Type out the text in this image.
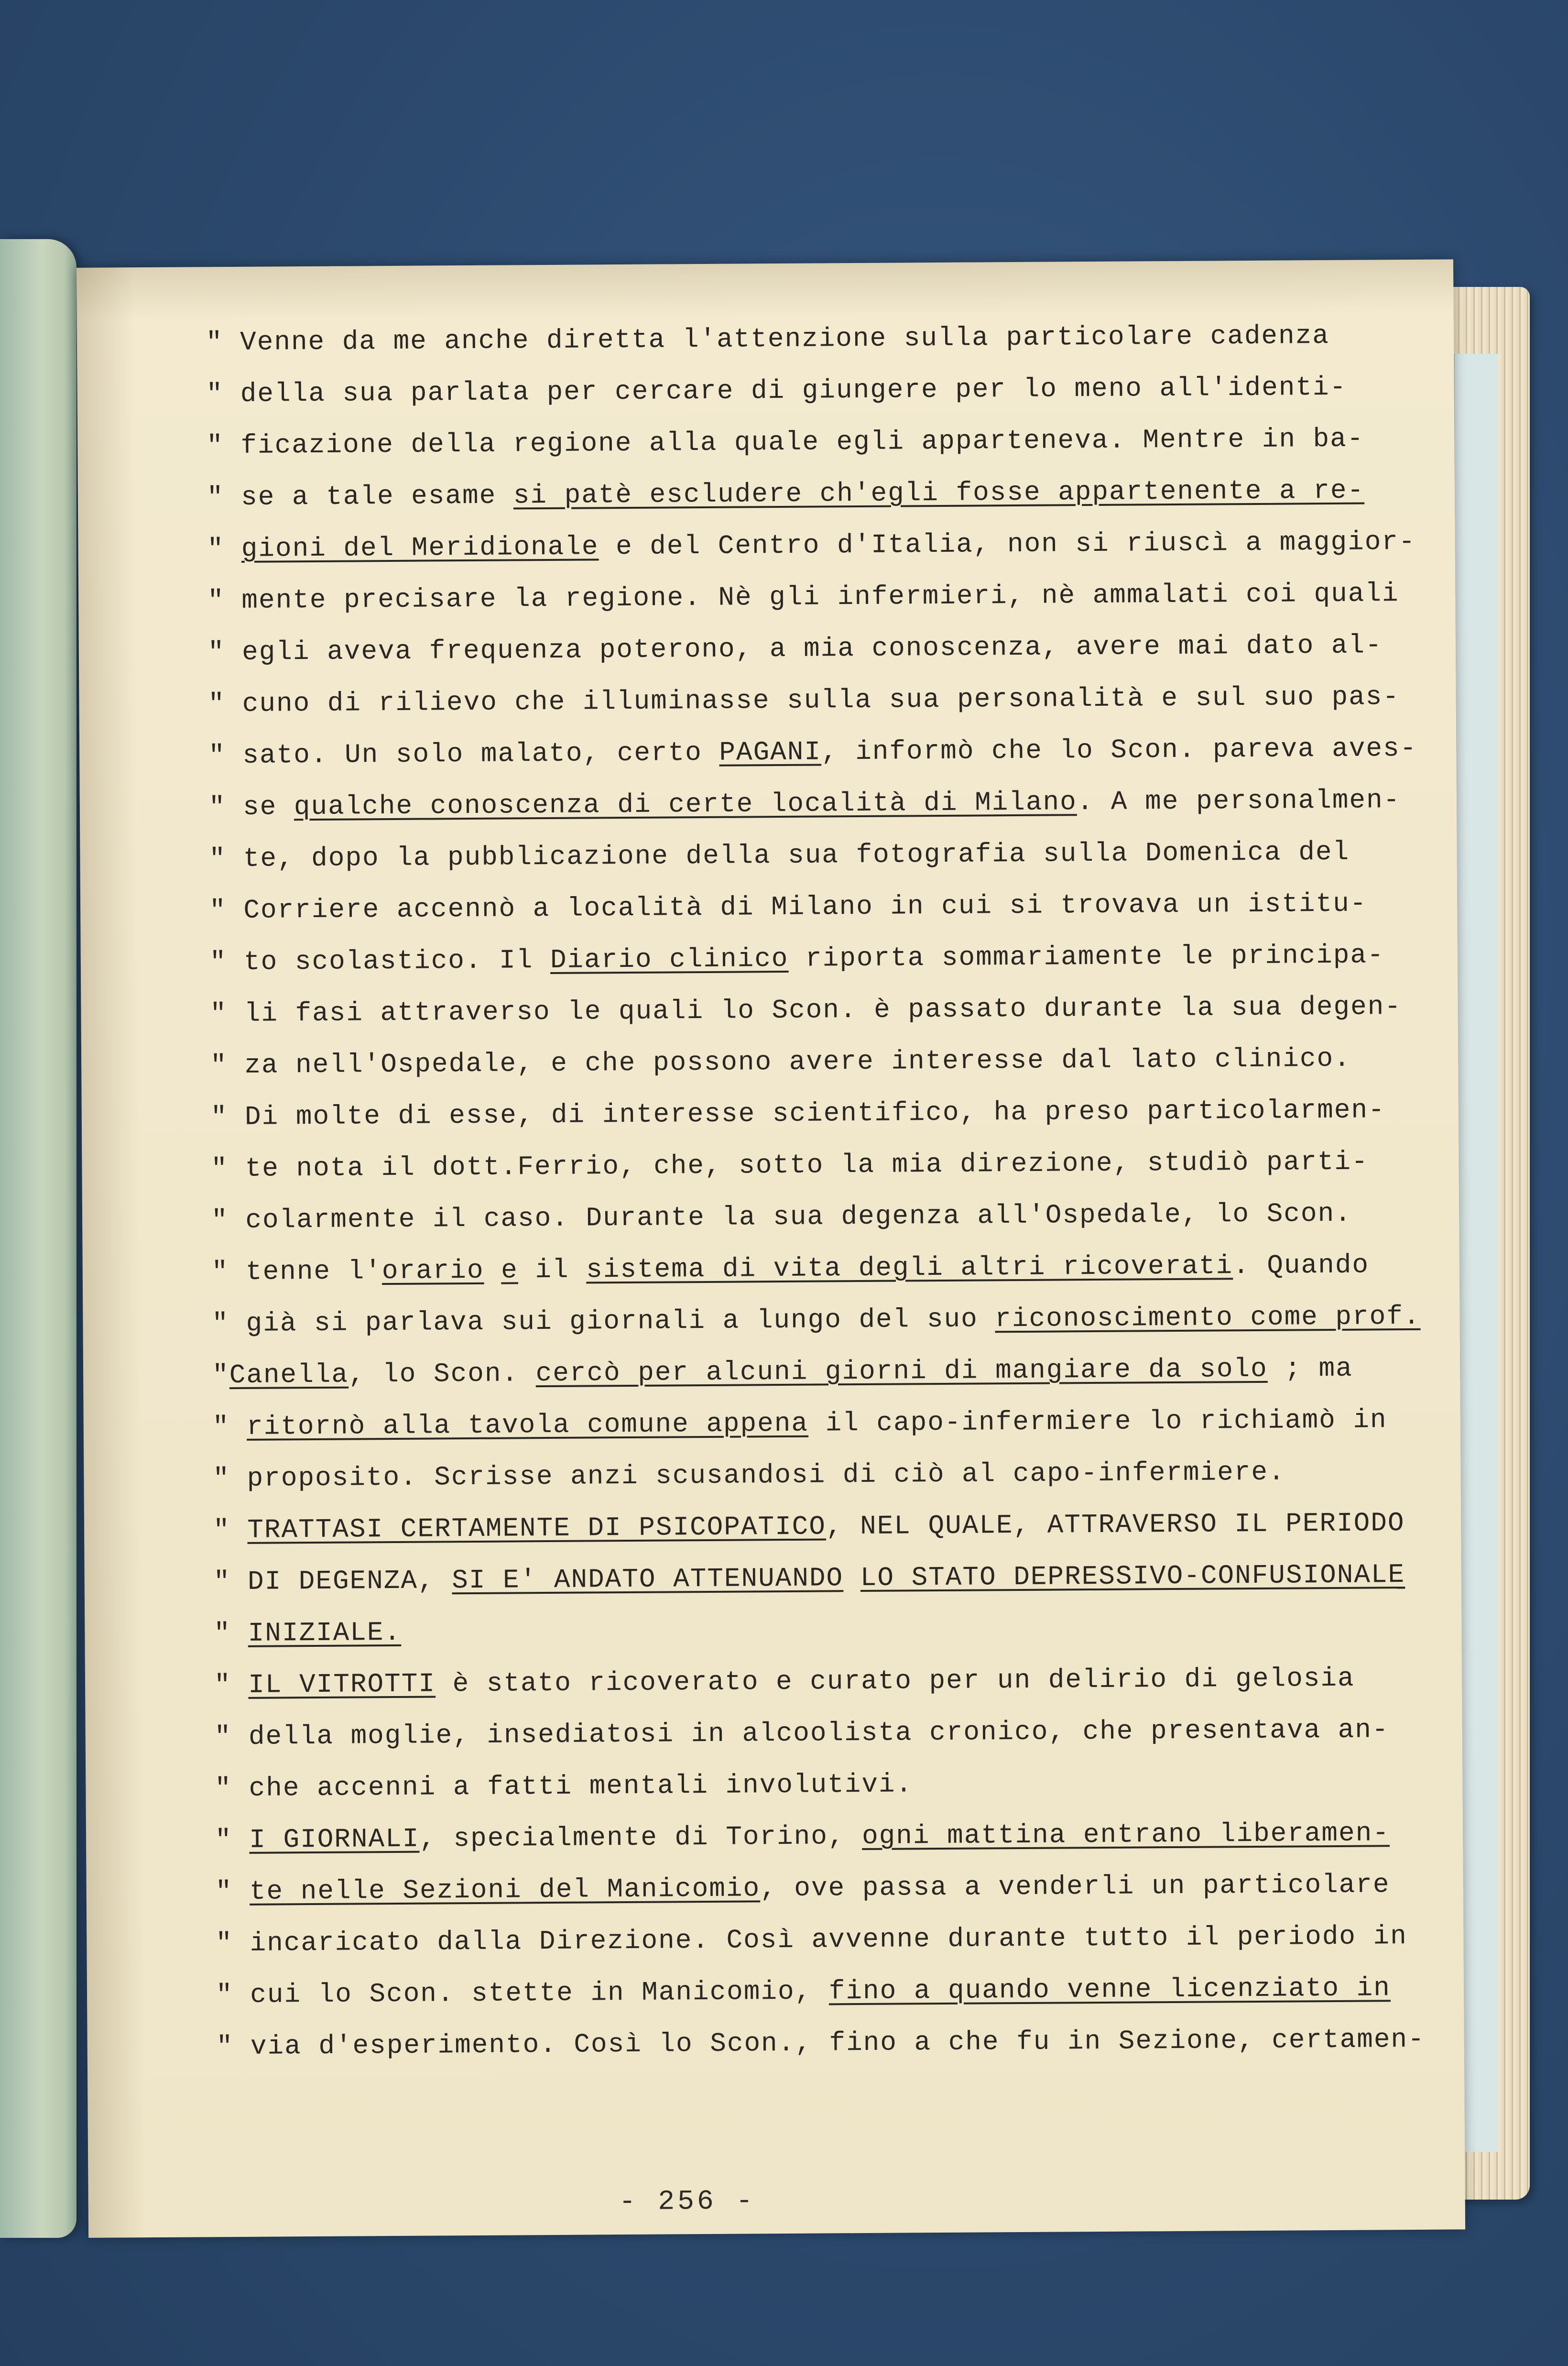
" Venne da me anche diretta l'attenzione sulla particolare cadenza

" della sua parlata per cercare di giungere per lo meno all'identi-

" ficazione della regione alla quale egli apparteneva. Mentre in ba-

" se a tale esame si patè escludere ch'egli fosse appartenente a re-

" gioni del Meridionale e del Centro d'Italia, non si riuscì a maggior-

" mente precisare la regione. Nè gli infermieri, nè ammalati coi quali

" egli aveva frequenza poterono, a mia conoscenza, avere mai dato al-

" cuno di rilievo che illuminasse sulla sua personalità e sul suo pas-

" sato. Un solo malato, certo PAGANI, informò che lo Scon. pareva aves-

" se qualche conoscenza di certe località di Milano. A me personalmen-

" te, dopo la pubblicazione della sua fotografia sulla Domenica del

" Corriere accennò a località di Milano in cui si trovava un istitu-

" to scolastico. Il Diario clinico riporta sommariamente le principa-

" li fasi attraverso le quali lo Scon. è passato durante la sua degen-

" za nell'Ospedale, e che possono avere interesse dal lato clinico.

" Di molte di esse, di interesse scientifico, ha preso particolarmen-

" te nota il dott.Ferrio, che, sotto la mia direzione, studiò parti-

" colarmente il caso. Durante la sua degenza all'Ospedale, lo Scon.

" tenne l'orario e il sistema di vita degli altri ricoverati. Quando

" già si parlava sui giornali a lungo del suo riconoscimento come prof.

"Canella, lo Scon. cercò per alcuni giorni di mangiare da solo ; ma

" ritornò alla tavola comune appena il capo-infermiere lo richiamò in

" proposito. Scrisse anzi scusandosi di ciò al capo-infermiere.

" TRATTASI CERTAMENTE DI PSICOPATICO, NEL QUALE, ATTRAVERSO IL PERIODO

" DI DEGENZA, SI E' ANDATO ATTENUANDO LO STATO DEPRESSIVO-CONFUSIONALE

" INIZIALE.

" IL VITROTTI è stato ricoverato e curato per un delirio di gelosia

" della moglie, insediatosi in alcoolista cronico, che presentava an-

" che accenni a fatti mentali involutivi.

" I GIORNALI, specialmente di Torino, ogni mattina entrano liberamen-

" te nelle Sezioni del Manicomio, ove passa a venderli un particolare

" incaricato dalla Direzione. Così avvenne durante tutto il periodo in

" cui lo Scon. stette in Manicomio, fino a quando venne licenziato in

" via d'esperimento. Così lo Scon., fino a che fu in Sezione, certamen-

- 256 -
